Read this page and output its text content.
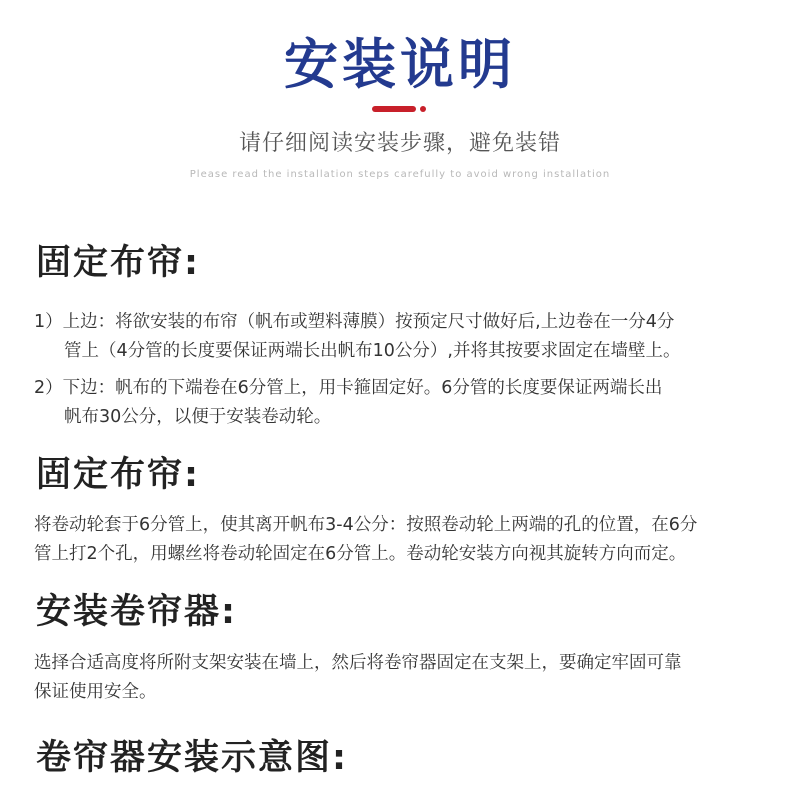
安装说明
请仔细阅读安装步骤，避免装错
Please read the installation steps carefully to avoid wrong installation
固定布帘:

1）上边：将欲安装的布帘（帆布或塑料薄膜）按预定尺寸做好后,上边卷在一分4分
管上（4分管的长度要保证两端长出帆布10公分）,并将其按要求固定在墙壁上。

2）下边：帆布的下端卷在6分管上，用卡箍固定好。6分管的长度要保证两端长出
帆布30公分，以便于安装卷动轮。

固定布帘:

将卷动轮套于6分管上，使其离开帆布3-4公分：按照卷动轮上两端的孔的位置，在6分
管上打2个孔，用螺丝将卷动轮固定在6分管上。卷动轮安装方向视其旋转方向而定。

安装卷帘器:

选择合适高度将所附支架安装在墙上，然后将卷帘器固定在支架上，要确定牢固可靠
保证使用安全。

卷帘器安装示意图:
